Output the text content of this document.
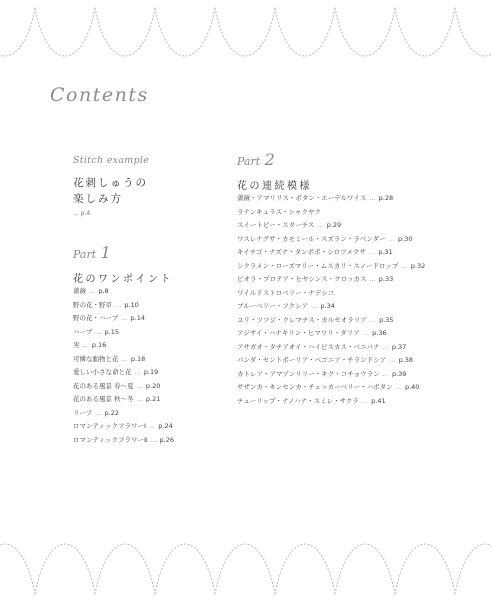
Contents
Stitch example
花刺しゅうの
楽しみ方
... p.4
Part 1
花のワンポイント
薔薇 ... p.8
野の花・野草 ... p.10
野の花・ハーブ ... p.14
ハーブ ... p.15
実 ... p.16
可憐な動物と花 ... p.18
愛しい小さな命と花 ... p.19
花のある風景 春～夏 ... p.20
花のある風景 秋～冬 ... p.21
リーフ ... p.22
ロマンティックフラワーⅠ ... p.24
ロマンティックフラワーⅡ ... p.26
Part 2
花の連続模様
薔薇・アマリリス・ボタン・エーデルワイス ... p.28
ラナンキュラス・シャクヤク
スイートピー・スターチス ... p.29
ワスレナグサ・カモミール・スズラン・ラベンダー ... p.30
キイチゴ・ナズナ・タンポポ・シロツメクサ ... p.31
シクラメン・ローズマリー・ムスカリ・スノードロップ ... p.32
ビオラ・プロテア・ヒヤシンス・クロッカス ... p.33
ワイルドストロベリー・ナデシコ
ブルーベリー・フクシア ... p.34
ユリ・ツツジ・クレマチス・カルセオラリア ... p.35
アジサイ・ハナキリン・ヒマワリ・ダリア ... p.36
アサガオ・タチアオイ・ハイビスカス・ベニバナ ... p.37
パンダ・セントポーリア・ベゴニア・チランドシア ... p.38
カトレア・アマゾンリリー・キク・コチョウラン ... p.39
サザンカ・キンセンカ・チェッカーベリー・ハボタン ... p.40
チューリップ・ナノハナ・スミレ・サクラ ... p.41
